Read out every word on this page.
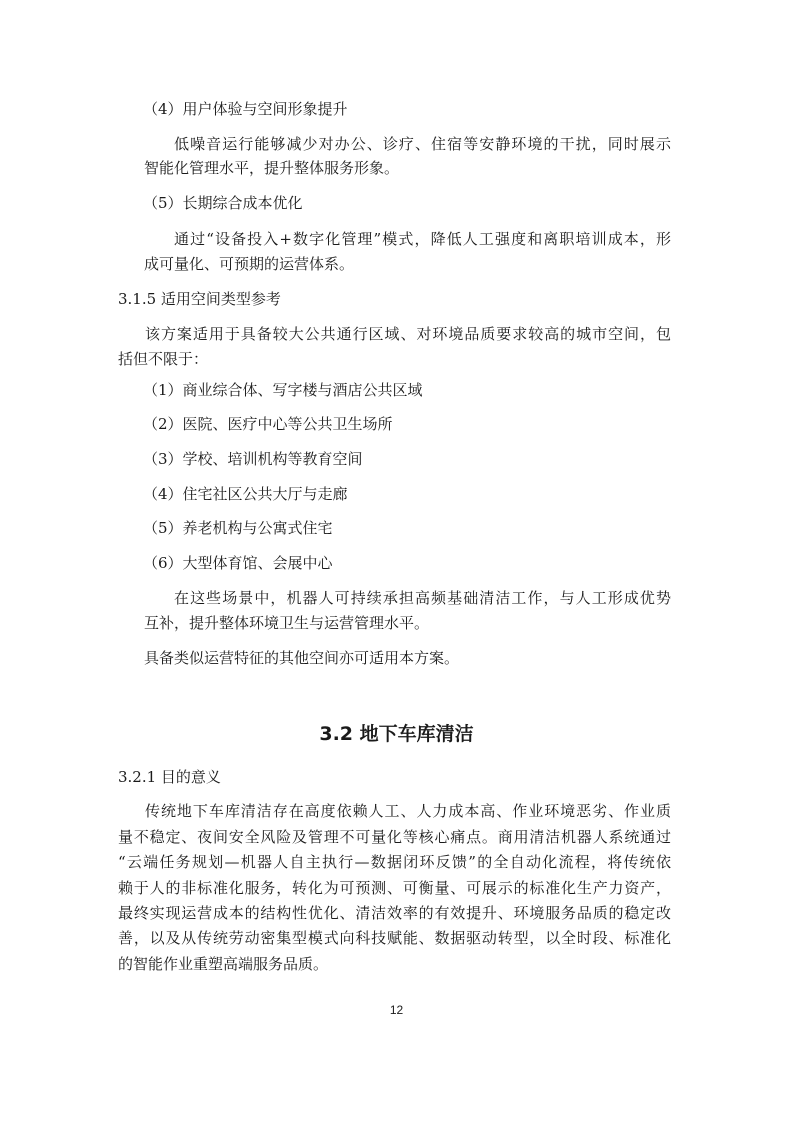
（4）用户体验与空间形象提升
低噪音运行能够减少对办公、诊疗、住宿等安静环境的干扰，同时展示
智能化管理水平，提升整体服务形象。
（5）长期综合成本优化
通过“设备投入+数字化管理”模式，降低人工强度和离职培训成本，形
成可量化、可预期的运营体系。
3.1.5 适用空间类型参考
该方案适用于具备较大公共通行区域、对环境品质要求较高的城市空间，包
括但不限于：
（1）商业综合体、写字楼与酒店公共区域
（2）医院、医疗中心等公共卫生场所
（3）学校、培训机构等教育空间
（4）住宅社区公共大厅与走廊
（5）养老机构与公寓式住宅
（6）大型体育馆、会展中心
在这些场景中，机器人可持续承担高频基础清洁工作，与人工形成优势
互补，提升整体环境卫生与运营管理水平。
具备类似运营特征的其他空间亦可适用本方案。
3.2 地下车库清洁
3.2.1 目的意义
传统地下车库清洁存在高度依赖人工、人力成本高、作业环境恶劣、作业质
量不稳定、夜间安全风险及管理不可量化等核心痛点。商用清洁机器人系统通过
“云端任务规划—机器人自主执行—数据闭环反馈”的全自动化流程，将传统依
赖于人的非标准化服务，转化为可预测、可衡量、可展示的标准化生产力资产，
最终实现运营成本的结构性优化、清洁效率的有效提升、环境服务品质的稳定改
善，以及从传统劳动密集型模式向科技赋能、数据驱动转型，以全时段、标准化
的智能作业重塑高端服务品质。
12
